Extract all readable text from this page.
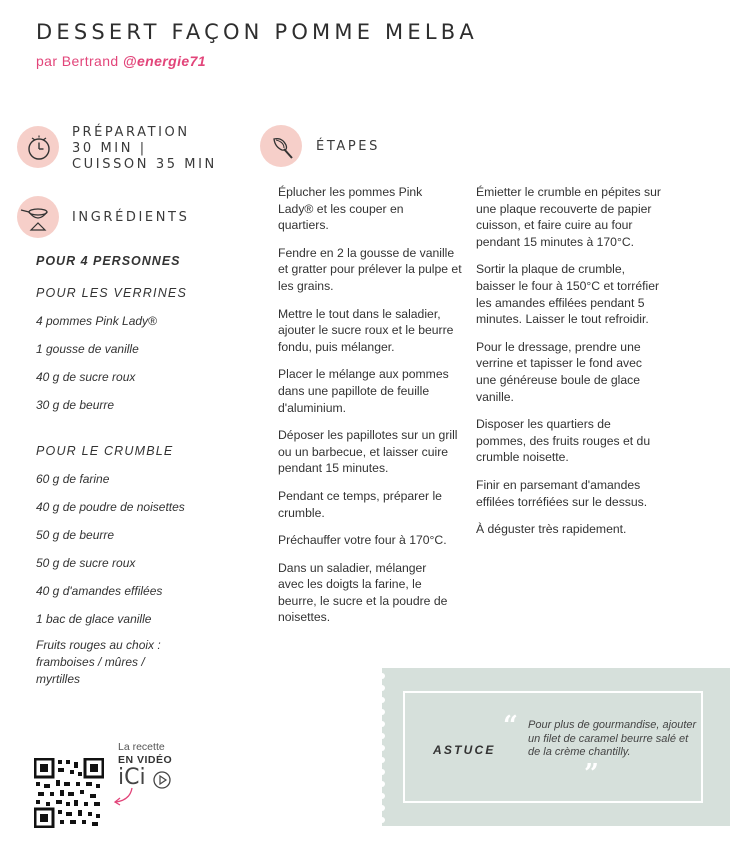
DESSERT FAÇON POMME MELBA
par Bertrand @energie71
PRÉPARATION
30 MIN |
CUISSON 35 MIN
INGRÉDIENTS
POUR 4 PERSONNES
POUR LES VERRINES
4 pommes Pink Lady®
1 gousse de vanille
40 g de sucre roux
30 g de beurre
POUR LE CRUMBLE
60 g de farine
40 g de poudre de noisettes
50 g de beurre
50 g de sucre roux
40 g d'amandes effilées
1 bac de glace vanille
Fruits rouges au choix :
framboises / mûres /
myrtilles
ÉTAPES
Éplucher les pommes Pink Lady® et les couper en quartiers.
Fendre en 2 la gousse de vanille et gratter pour prélever la pulpe et les grains.
Mettre le tout dans le saladier, ajouter le sucre roux et le beurre fondu, puis mélanger.
Placer le mélange aux pommes dans une papillote de feuille d'aluminium.
Déposer les papillotes sur un grill ou un barbecue, et laisser cuire pendant 15 minutes.
Pendant ce temps, préparer le crumble.
Préchauffer votre four à 170°C.
Dans un saladier, mélanger avec les doigts la farine, le beurre, le sucre et la poudre de noisettes.
Émietter le crumble en pépites sur une plaque recouverte de papier cuisson, et faire cuire au four pendant 15 minutes à 170°C.
Sortir la plaque de crumble, baisser le four à 150°C et torréfier les amandes effilées pendant 5 minutes. Laisser le tout refroidir.
Pour le dressage, prendre une verrine et tapisser le fond avec une généreuse boule de glace vanille.
Disposer les quartiers de pommes, des fruits rouges et du crumble noisette.
Finir en parsemant d'amandes effilées torréfiées sur le dessus.
À déguster très rapidement.
ASTUCE
“ Pour plus de gourmandise, ajouter un filet de caramel beurre salé et de la crème chantilly.
”
La recette
EN VIDÉO
iCi
